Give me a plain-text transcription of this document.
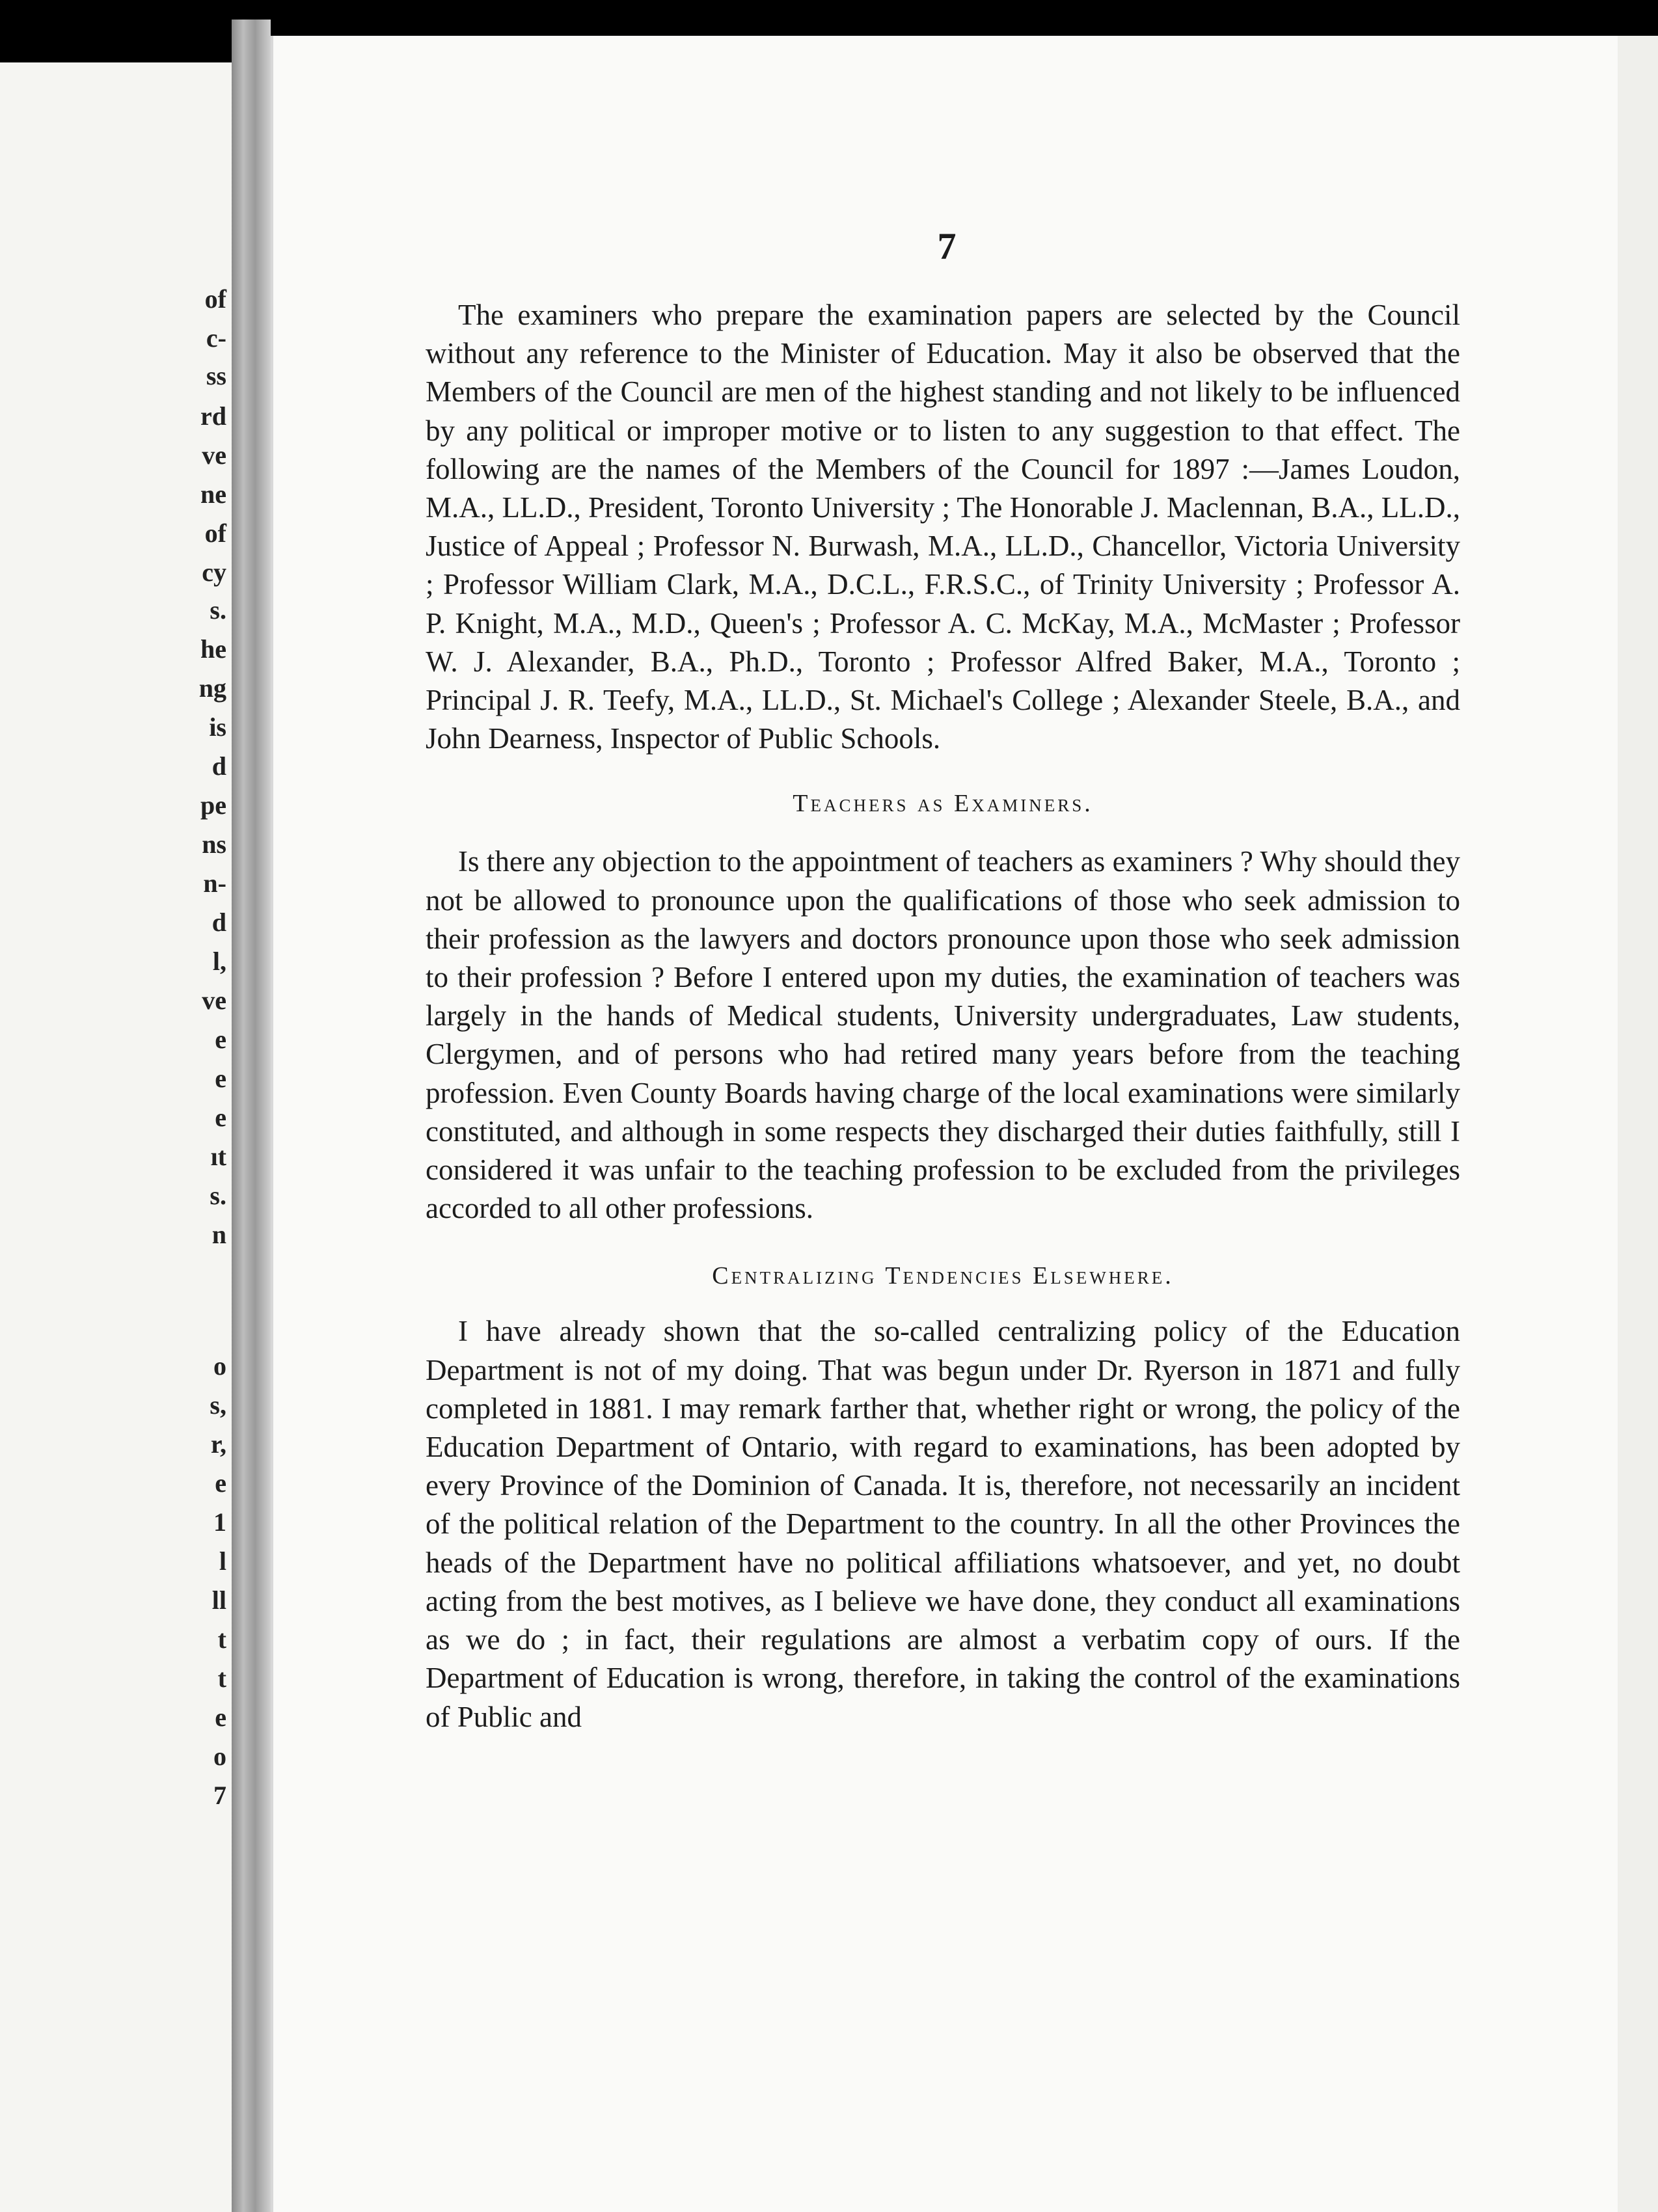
of
c-
ss
rd
ve
ne
of
cy
s.
he
ng
is
d
pe
ns
n-
d
l,
ve
e
e
e
ıt
s.
n
o
s,
r,
e
1
l
ll
t
t
e
o
7
7

The examiners who prepare the examination papers are selected by the Council without any reference to the Minister of Education. May it also be observed that the Members of the Council are men of the highest standing and not likely to be influenced by any political or improper motive or to listen to any suggestion to that effect. The following are the names of the Members of the Council for 1897 :—James Loudon, M.A., LL.D., President, Toronto University ; The Honorable J. Maclennan, B.A., LL.D., Justice of Appeal ; Professor N. Burwash, M.A., LL.D., Chancellor, Victoria University ; Professor William Clark, M.A., D.C.L., F.R.S.C., of Trinity University ; Professor A. P. Knight, M.A., M.D., Queen's ; Professor A. C. McKay, M.A., McMaster ; Professor W. J. Alexander, B.A., Ph.D., Toronto ; Professor Alfred Baker, M.A., Toronto ; Principal J. R. Teefy, M.A., LL.D., St. Michael's College ; Alexander Steele, B.A., and John Dearness, Inspector of Public Schools.

Teachers as Examiners.

Is there any objection to the appointment of teachers as examiners ? Why should they not be allowed to pronounce upon the qualifications of those who seek admission to their profession as the lawyers and doctors pronounce upon those who seek admission to their profession ? Before I entered upon my duties, the examination of teachers was largely in the hands of Medical students, University undergraduates, Law students, Clergymen, and of persons who had retired many years before from the teaching profession. Even County Boards having charge of the local examinations were similarly constituted, and although in some respects they discharged their duties faithfully, still I considered it was unfair to the teaching profession to be excluded from the privileges accorded to all other professions.

Centralizing Tendencies Elsewhere.

I have already shown that the so-called centralizing policy of the Education Department is not of my doing. That was begun under Dr. Ryerson in 1871 and fully completed in 1881. I may remark farther that, whether right or wrong, the policy of the Education Department of Ontario, with regard to examinations, has been adopted by every Province of the Dominion of Canada. It is, therefore, not necessarily an incident of the political relation of the Department to the country. In all the other Provinces the heads of the Department have no political affiliations whatsoever, and yet, no doubt acting from the best motives, as I believe we have done, they conduct all examinations as we do ; in fact, their regulations are almost a verbatim copy of ours. If the Department of Education is wrong, therefore, in taking the control of the examinations of Public and
